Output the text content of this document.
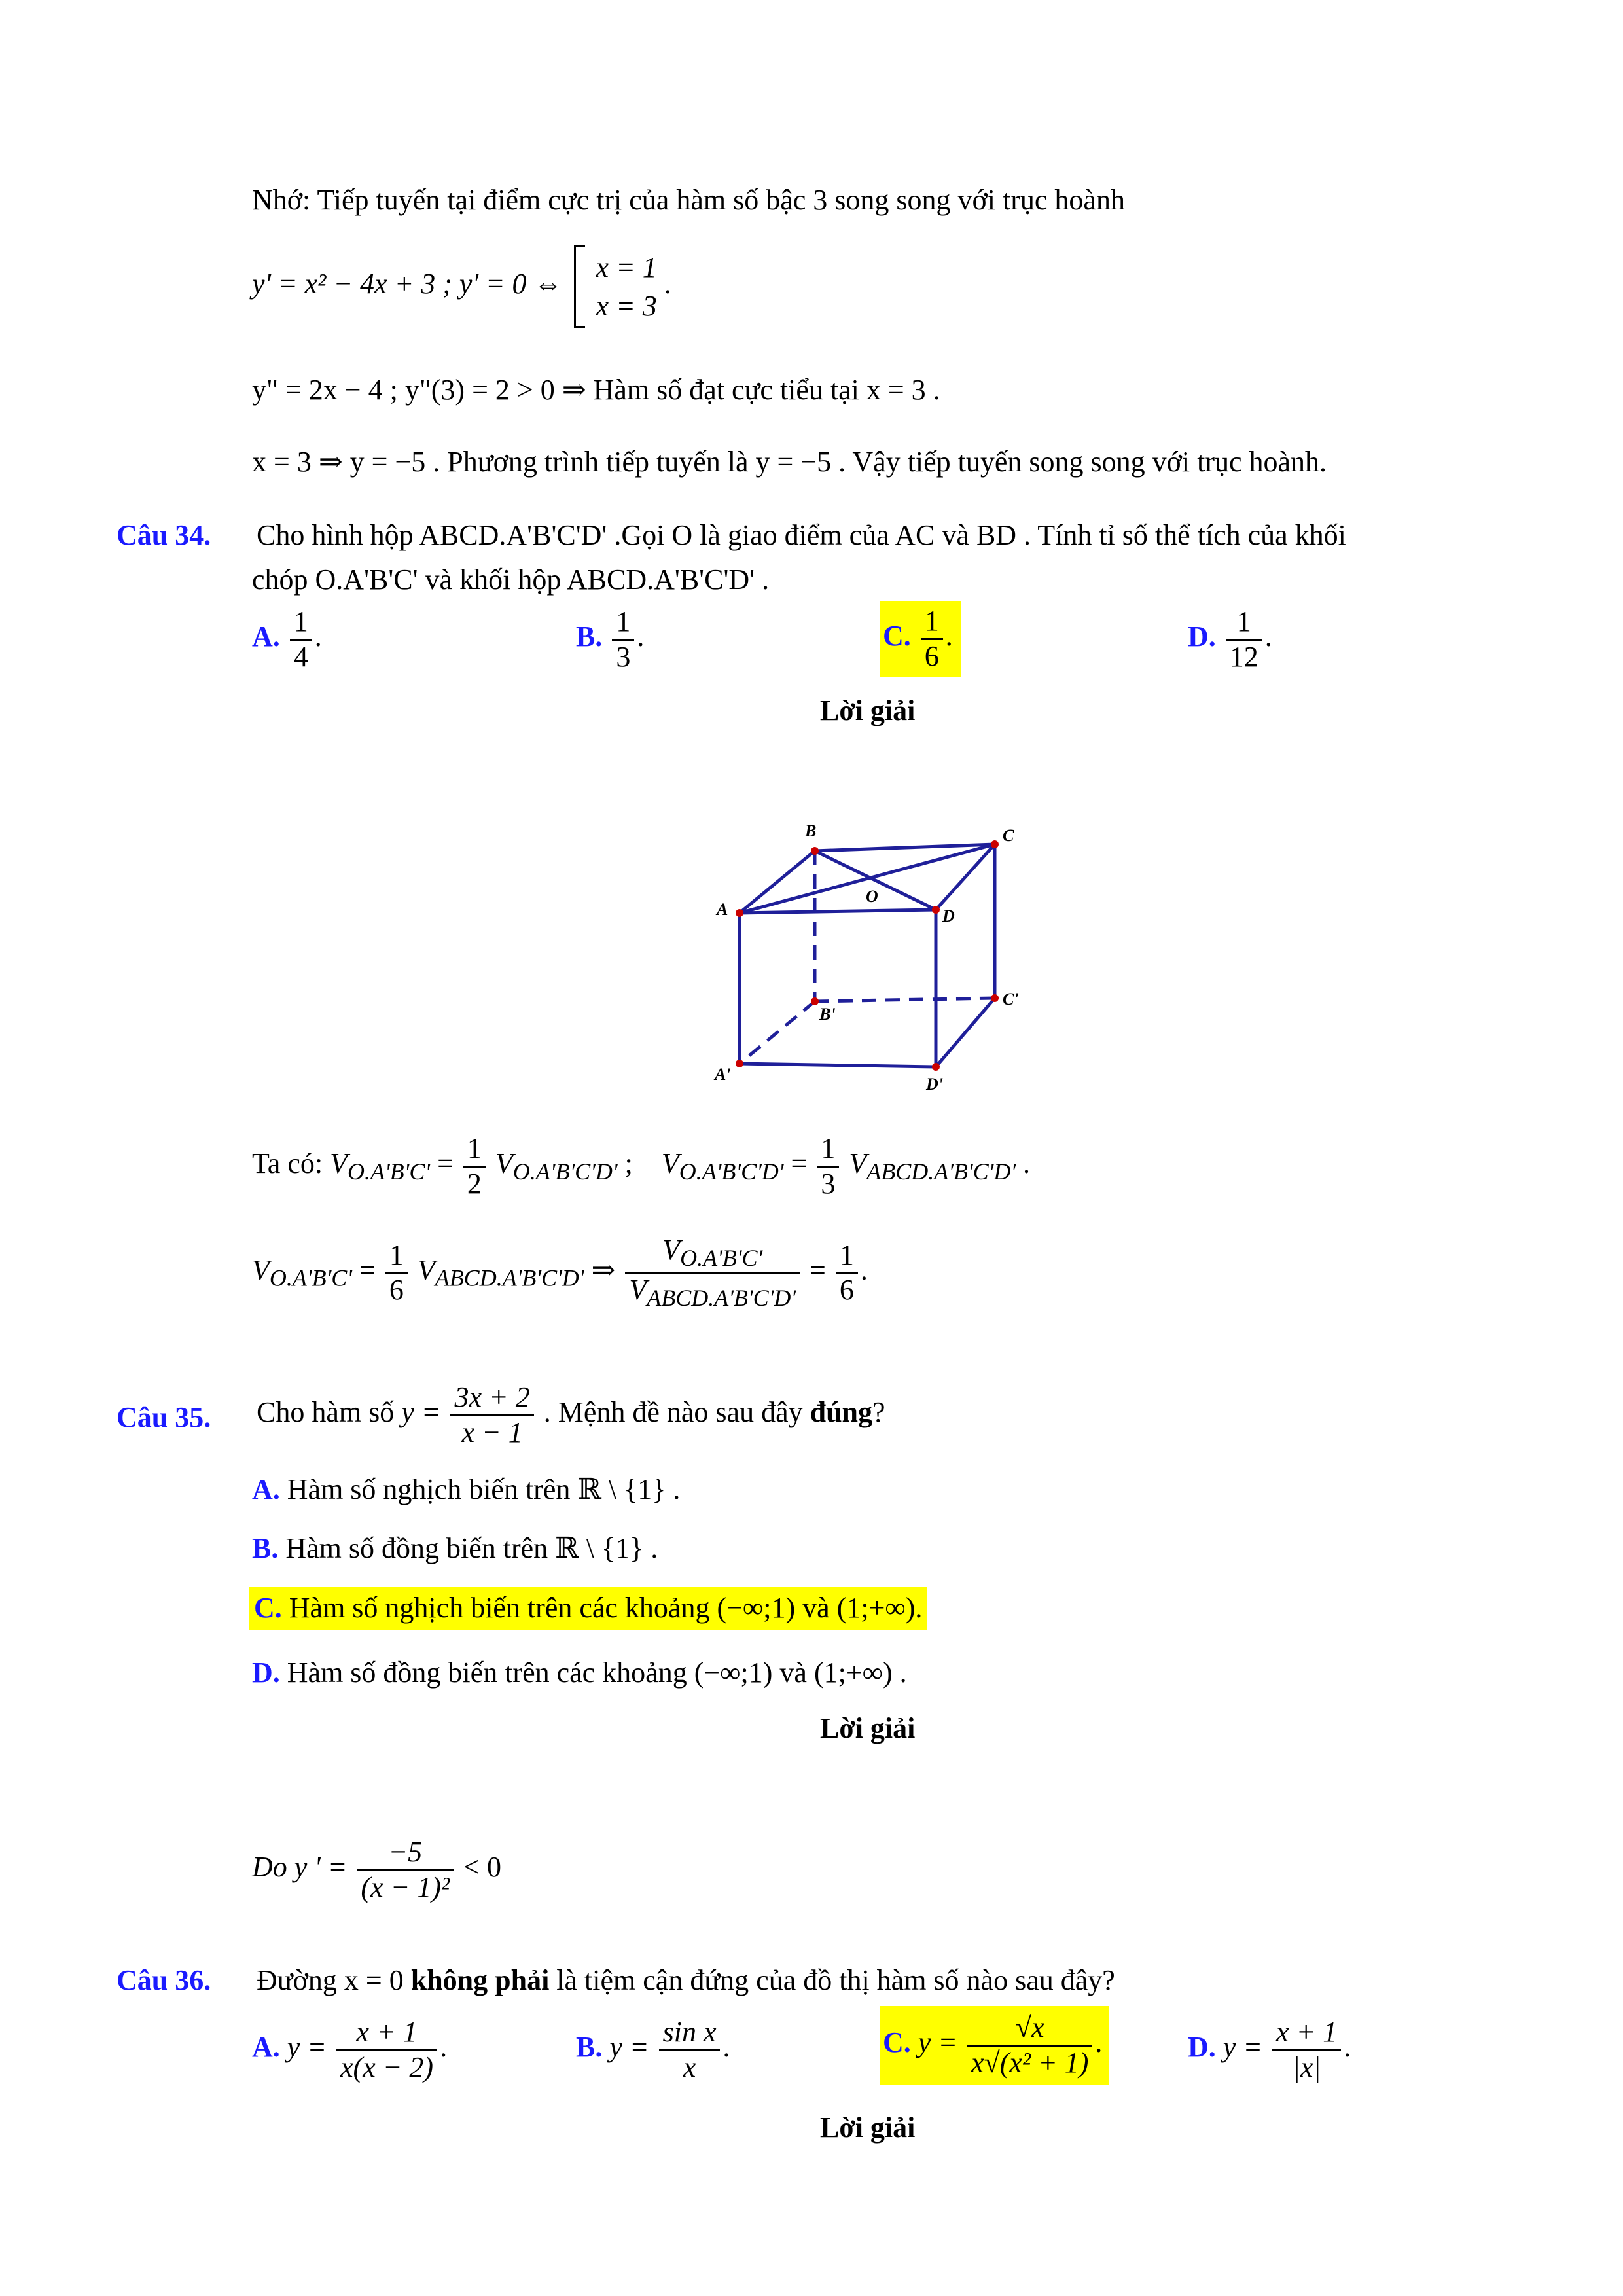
Nhớ: Tiếp tuyến tại điểm cực trị của hàm số bậc 3 song song với trục hoành
y' = x² − 4x + 3 ; y' = 0 ⇔
x = 1
x = 3
.
y" = 2x − 4 ; y"(3) = 2 > 0 ⇒ Hàm số đạt cực tiểu tại x = 3 .
x = 3 ⇒ y = −5 . Phương trình tiếp tuyến là y = −5 . Vậy tiếp tuyến song song với trục hoành.
Câu 34. Cho hình hộp ABCD.A'B'C'D' .Gọi O là giao điểm của AC và BD . Tính tỉ số thể tích của khối
chóp O.A'B'C' và khối hộp ABCD.A'B'C'D' .
A. $\frac{1}{4}$ .	B. $\frac{1}{3}$ .	C. $\frac{1}{6}$ .	D. $\frac{1}{12}$ .
Lời giải
B	C
O
A	D
B'
C'
A'
D'
Ta có: $V_{O.A'B'C'} = \frac{1}{2} V_{O.A'B'C'D'}$ ;    $V_{O.A'B'C'D'} = \frac{1}{3} V_{ABCD.A'B'C'D'}$ .
$V_{O.A'B'C'} = \frac{1}{6} V_{ABCD.A'B'C'D'}$ ⇒ $\frac{V_{O.A'B'C'}}{V_{ABCD.A'B'C'D'}} = \frac{1}{6}$ .
Câu 35. Cho hàm số $y = \frac{3x + 2}{x - 1}$ . Mệnh đề nào sau đây đúng?
A. Hàm số nghịch biến trên ℝ \ {1} .
B. Hàm số đồng biến trên ℝ \ {1} .
C. Hàm số nghịch biến trên các khoảng (−∞;1) và (1;+∞).
D. Hàm số đồng biến trên các khoảng (−∞;1) và (1;+∞) .
Lời giải
Do y ' = $\frac{-5}{\text{(x − 1)²}} < 0$
Câu 36. Đường x = 0 không phải là tiệm cận đứng của đồ thị hàm số nào sau đây?
A. $y = \frac{x + 1}{x(x - 2)}$ .	B. $y = \frac{\text{sin x}}{x}$ .	C. $y = \frac{√x}{\text{x√(x² + 1)}}$ .	D. $y = \frac{x + 1}{|x|}$ .
Lời giải
